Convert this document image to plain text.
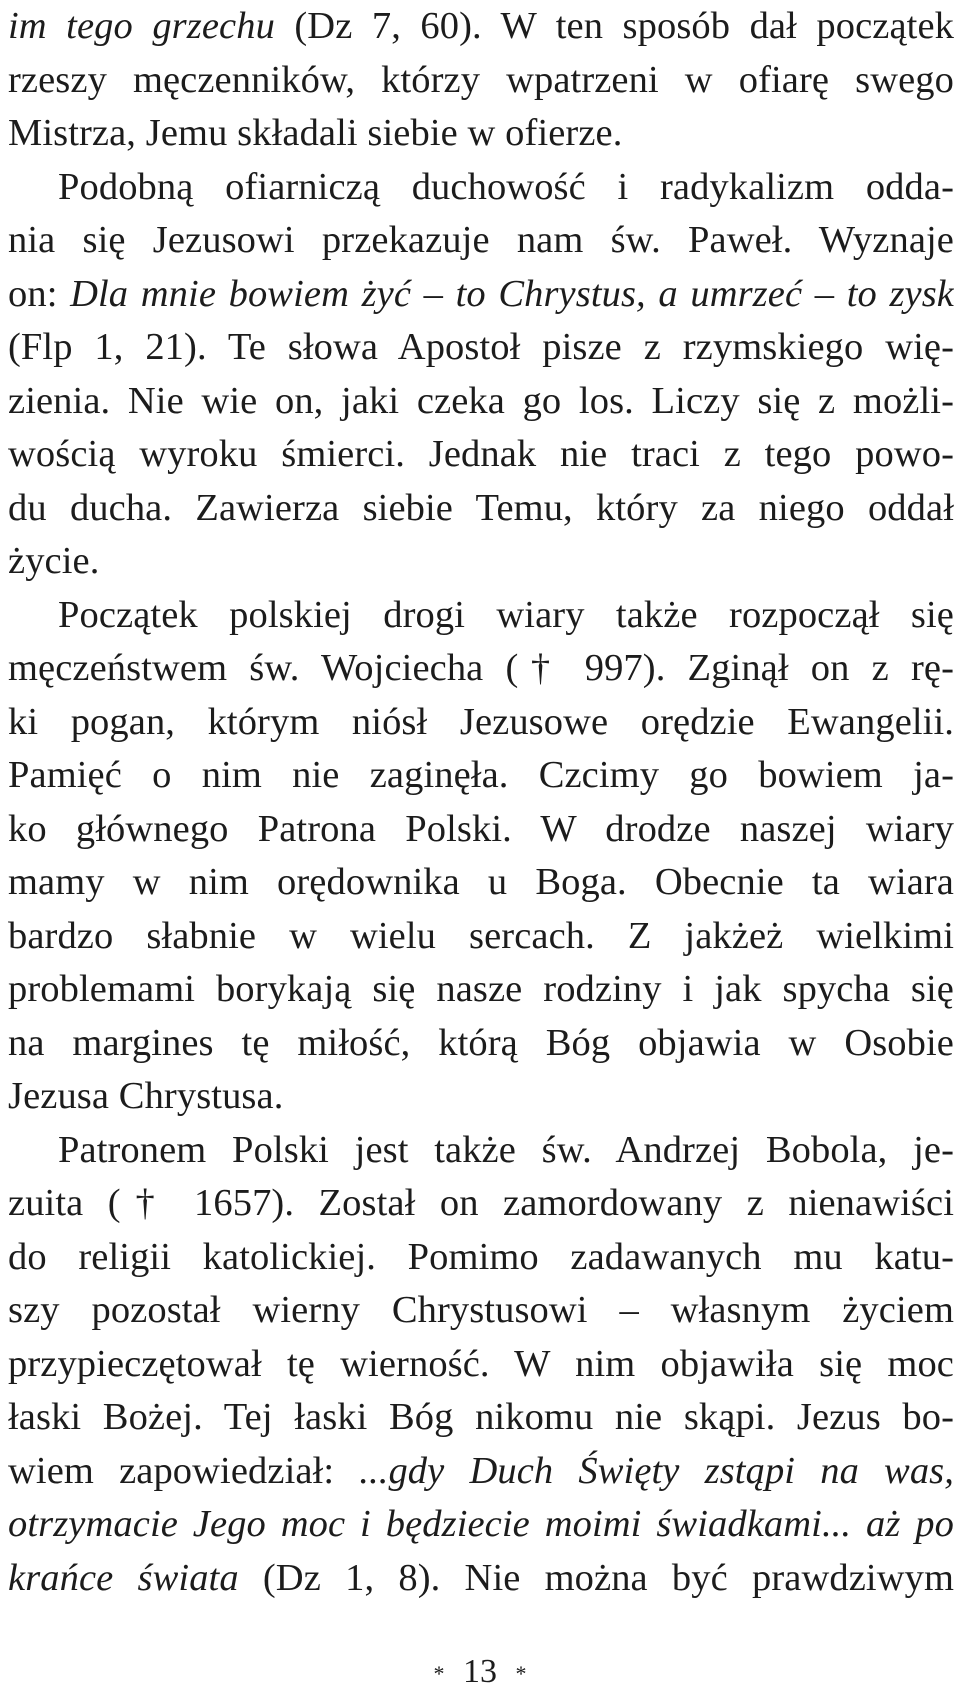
im tego grzechu (Dz 7, 60). W ten sposób dał początek
rzeszy męczenników, którzy wpatrzeni w ofiarę swego
Mistrza, Jemu składali siebie w ofierze.
Podobną ofiarniczą duchowość i radykalizm odda-
nia się Jezusowi przekazuje nam św. Paweł. Wyznaje
on: Dla mnie bowiem żyć – to Chrystus, a umrzeć – to zysk
(Flp 1, 21). Te słowa Apostoł pisze z rzymskiego wię-
zienia. Nie wie on, jaki czeka go los. Liczy się z możli-
wością wyroku śmierci. Jednak nie traci z tego powo-
du ducha. Zawierza siebie Temu, który za niego oddał
życie.
Początek polskiej drogi wiary także rozpoczął się
męczeństwem św. Wojciecha († 997). Zginął on z rę-
ki pogan, którym niósł Jezusowe orędzie Ewangelii.
Pamięć o nim nie zaginęła. Czcimy go bowiem ja-
ko głównego Patrona Polski. W drodze naszej wiary
mamy w nim orędownika u Boga. Obecnie ta wiara
bardzo słabnie w wielu sercach. Z jakżeż wielkimi
problemami borykają się nasze rodziny i jak spycha się
na margines tę miłość, którą Bóg objawia w Osobie
Jezusa Chrystusa.
Patronem Polski jest także św. Andrzej Bobola, je-
zuita († 1657). Został on zamordowany z nienawiści
do religii katolickiej. Pomimo zadawanych mu katu-
szy pozostał wierny Chrystusowi – własnym życiem
przypieczętował tę wierność. W nim objawiła się moc
łaski Bożej. Tej łaski Bóg nikomu nie skąpi. Jezus bo-
wiem zapowiedział: ...gdy Duch Święty zstąpi na was,
otrzymacie Jego moc i będziecie moimi świadkami... aż po
krańce świata (Dz 1, 8). Nie można być prawdziwym
* 13 *
